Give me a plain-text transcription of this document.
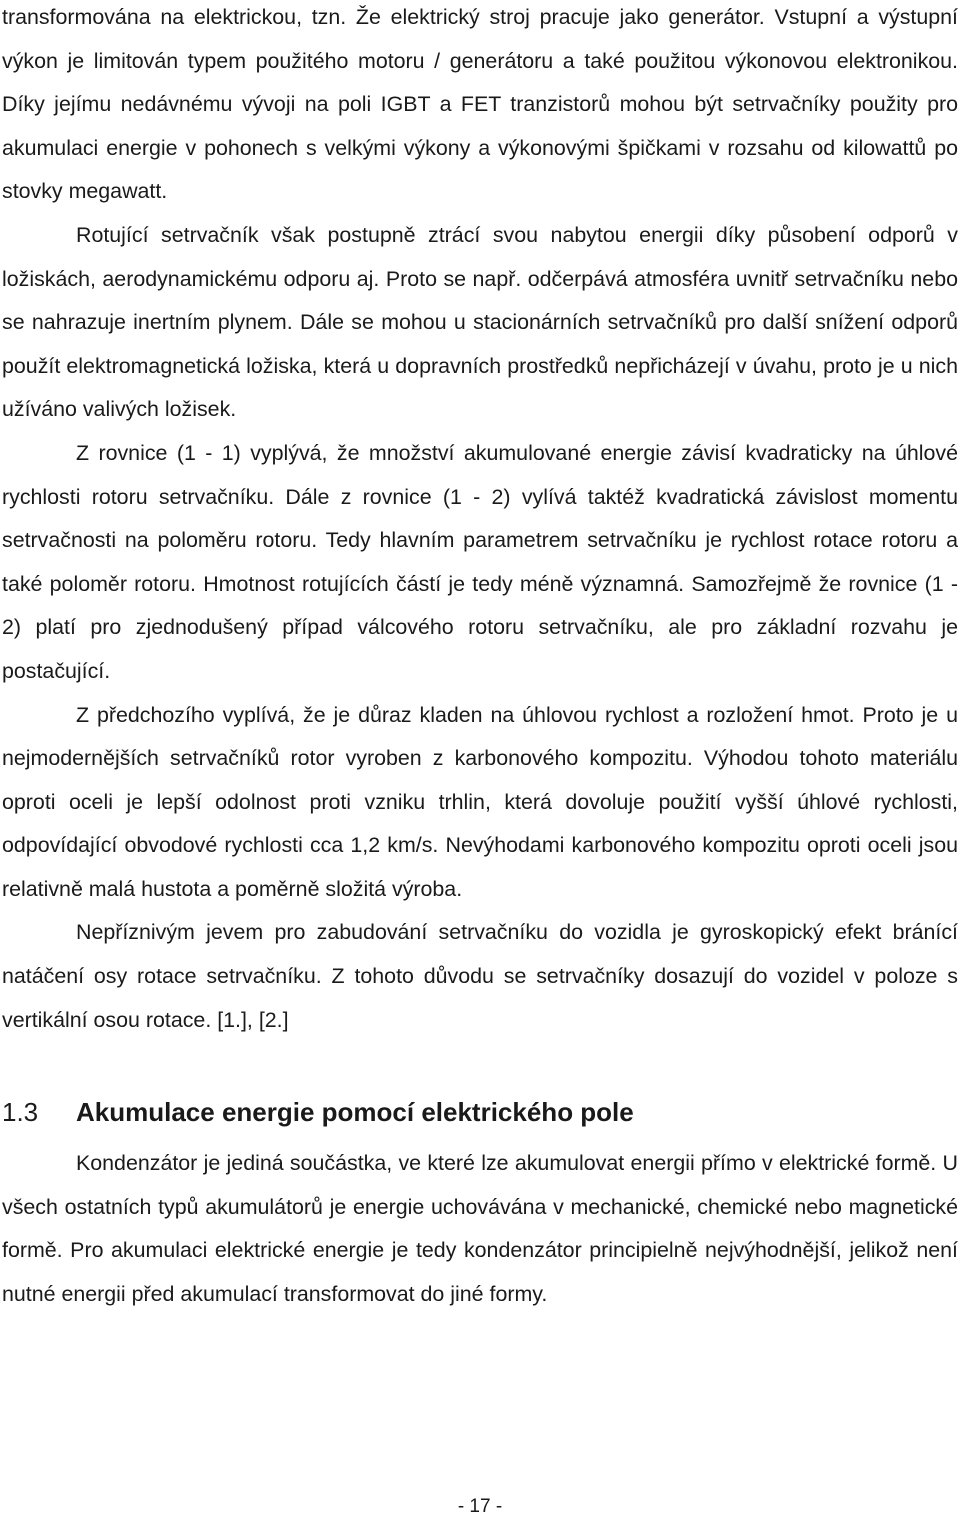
transformována na elektrickou, tzn. Že elektrický stroj pracuje jako generátor. Vstupní a výstupní výkon je limitován typem použitého motoru / generátoru a také použitou výkonovou elektronikou. Díky jejímu nedávnému vývoji na poli IGBT a FET tranzistorů mohou být setrvačníky použity pro akumulaci energie v pohonech s velkými výkony a výkonovými špičkami v rozsahu od kilowattů po stovky megawatt.

Rotující setrvačník však postupně ztrácí svou nabytou energii díky působení odporů v ložiskách, aerodynamickému odporu aj. Proto se např. odčerpává atmosféra uvnitř setrvačníku nebo se nahrazuje inertním plynem. Dále se mohou u stacionárních setrvačníků pro další snížení odporů použít elektromagnetická ložiska, která u dopravních prostředků nepřicházejí v úvahu, proto je u nich užíváno valivých ložisek.

Z rovnice (1 - 1) vyplývá, že množství akumulované energie závisí kvadraticky na úhlové rychlosti rotoru setrvačníku. Dále z rovnice (1 - 2) vylívá taktéž kvadratická závislost momentu setrvačnosti na poloměru rotoru. Tedy hlavním parametrem setrvačníku je rychlost rotace rotoru a také poloměr rotoru. Hmotnost rotujících částí je tedy méně významná. Samozřejmě že rovnice (1 - 2) platí pro zjednodušený případ válcového rotoru setrvačníku, ale pro základní rozvahu je postačující.

Z předchozího vyplívá, že je důraz kladen na úhlovou rychlost a rozložení hmot. Proto je u nejmodernějších setrvačníků rotor vyroben z karbonového kompozitu. Výhodou tohoto materiálu oproti oceli je lepší odolnost proti vzniku trhlin, která dovoluje použití vyšší úhlové rychlosti, odpovídající obvodové rychlosti cca 1,2 km/s. Nevýhodami karbonového kompozitu oproti oceli jsou relativně malá hustota a poměrně složitá výroba.

Nepříznivým jevem pro zabudování setrvačníku do vozidla je gyroskopický efekt bránící natáčení osy rotace setrvačníku. Z tohoto důvodu se setrvačníky dosazují do vozidel v poloze s vertikální osou rotace. [1.], [2.]

1.3	Akumulace energie pomocí elektrického pole

Kondenzátor je jediná součástka, ve které lze akumulovat energii přímo v elektrické formě. U všech ostatních typů akumulátorů je energie uchovávána v mechanické, chemické nebo magnetické formě. Pro akumulaci elektrické energie je tedy kondenzátor principielně nejvýhodnější, jelikož není nutné energii před akumulací transformovat do jiné formy.

- 17 -
